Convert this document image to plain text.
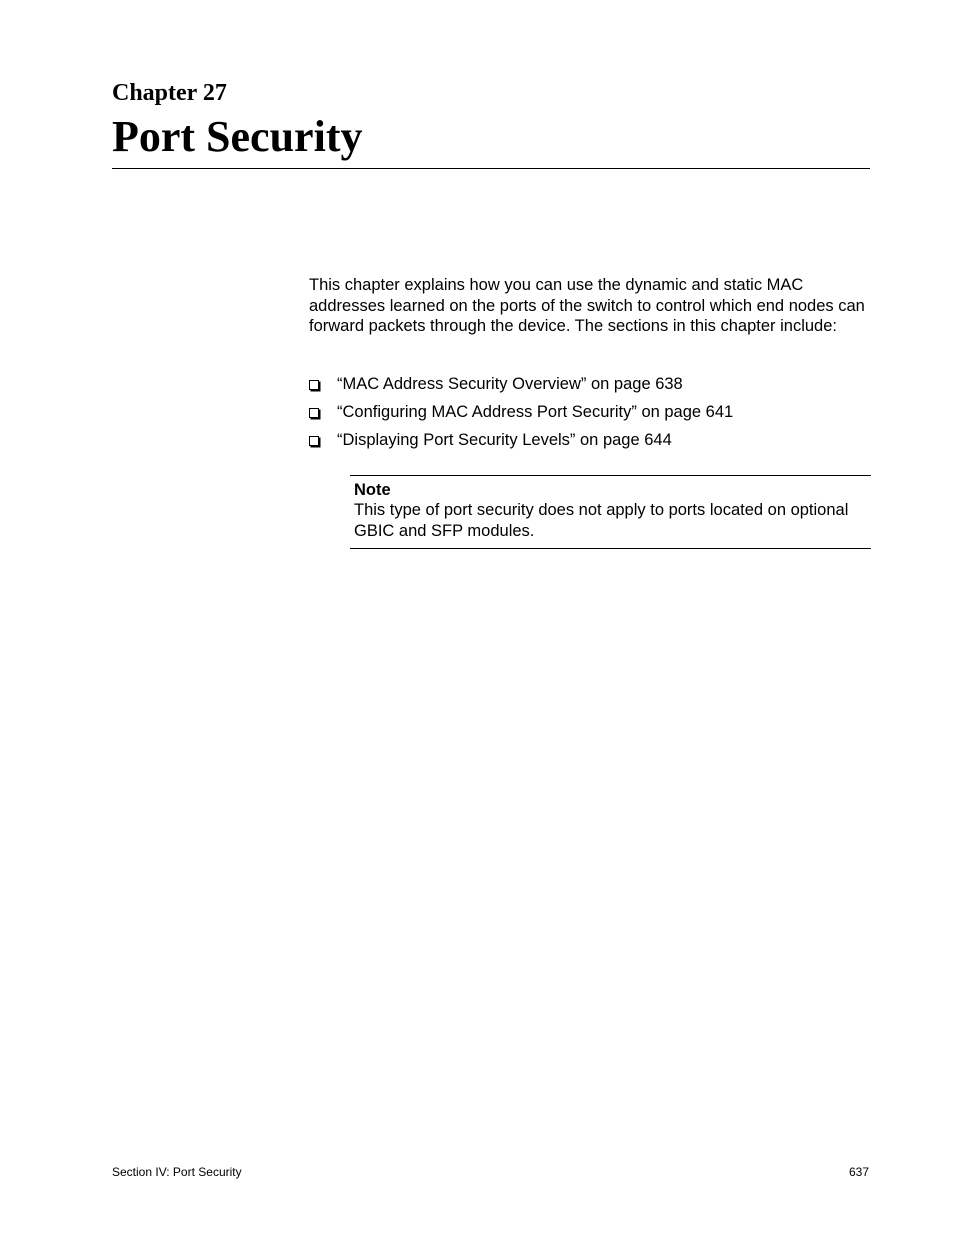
Chapter 27
Port Security

This chapter explains how you can use the dynamic and static MAC addresses learned on the ports of the switch to control which end nodes can forward packets through the device. The sections in this chapter include:

“MAC Address Security Overview” on page 638
“Configuring MAC Address Port Security” on page 641
“Displaying Port Security Levels” on page 644

Note

This type of port security does not apply to ports located on optional GBIC and SFP modules.

Section IV: Port Security	637
